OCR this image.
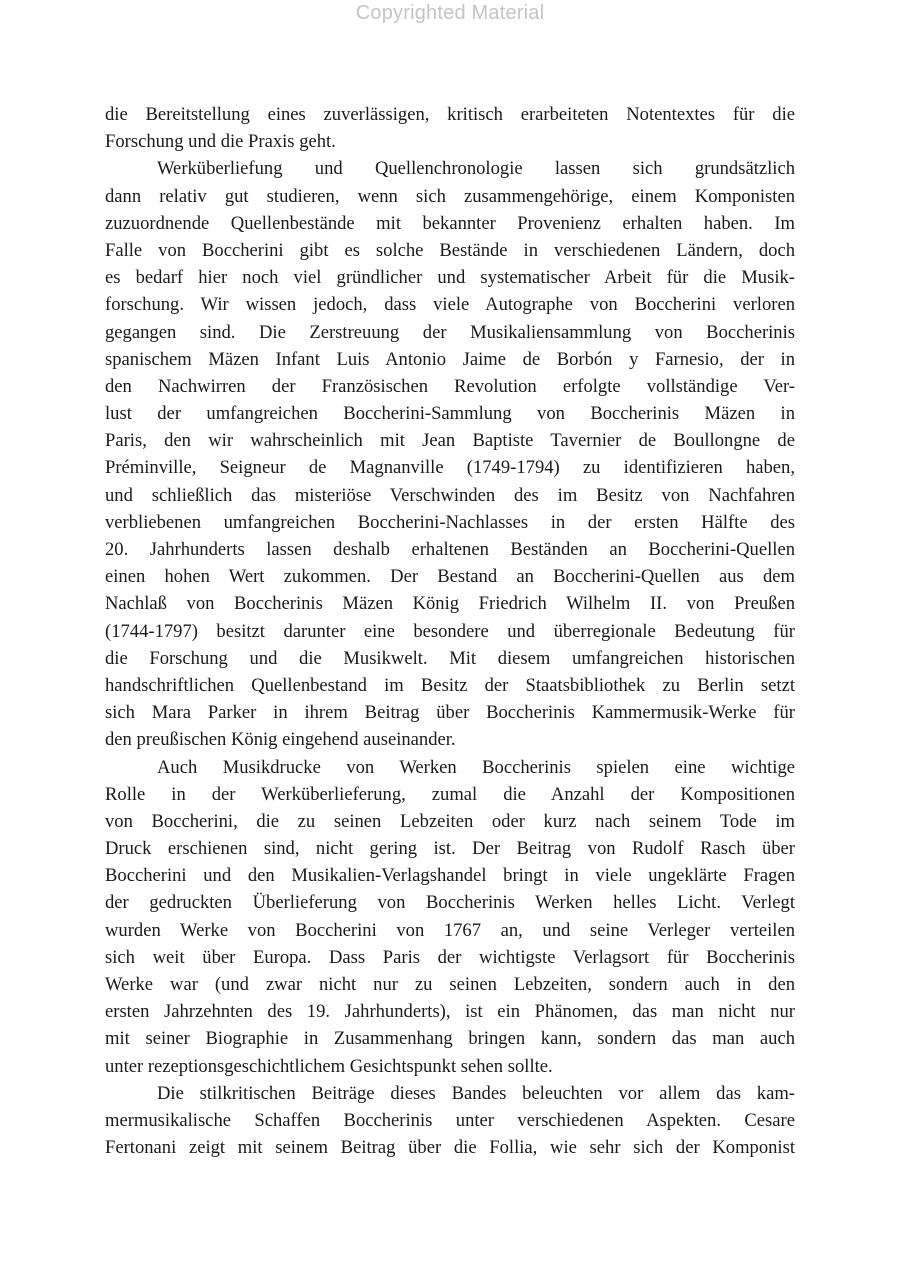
Copyrighted Material
die Bereitstellung eines zuverlässigen, kritisch erarbeiteten Notentextes für die
Forschung und die Praxis geht.
Werküberliefung und Quellenchronologie lassen sich grundsätzlich
dann relativ gut studieren, wenn sich zusammengehörige, einem Komponisten
zuzuordnende Quellenbestände mit bekannter Provenienz erhalten haben. Im
Falle von Boccherini gibt es solche Bestände in verschiedenen Ländern, doch
es bedarf hier noch viel gründlicher und systematischer Arbeit für die Musik-
forschung. Wir wissen jedoch, dass viele Autographe von Boccherini verloren
gegangen sind. Die Zerstreuung der Musikaliensammlung von Boccherinis
spanischem Mäzen Infant Luis Antonio Jaime de Borbón y Farnesio, der in
den Nachwirren der Französischen Revolution erfolgte vollständige Ver-
lust der umfangreichen Boccherini-Sammlung von Boccherinis Mäzen in
Paris, den wir wahrscheinlich mit Jean Baptiste Tavernier de Boullongne de
Préminville, Seigneur de Magnanville (1749-1794) zu identifizieren haben,
und schließlich das misteriöse Verschwinden des im Besitz von Nachfahren
verbliebenen umfangreichen Boccherini-Nachlasses in der ersten Hälfte des
20. Jahrhunderts lassen deshalb erhaltenen Beständen an Boccherini-Quellen
einen hohen Wert zukommen. Der Bestand an Boccherini-Quellen aus dem
Nachlaß von Boccherinis Mäzen König Friedrich Wilhelm II. von Preußen
(1744-1797) besitzt darunter eine besondere und überregionale Bedeutung für
die Forschung und die Musikwelt. Mit diesem umfangreichen historischen
handschriftlichen Quellenbestand im Besitz der Staatsbibliothek zu Berlin setzt
sich Mara Parker in ihrem Beitrag über Boccherinis Kammermusik-Werke für
den preußischen König eingehend auseinander.
Auch Musikdrucke von Werken Boccherinis spielen eine wichtige
Rolle in der Werküberlieferung, zumal die Anzahl der Kompositionen
von Boccherini, die zu seinen Lebzeiten oder kurz nach seinem Tode im
Druck erschienen sind, nicht gering ist. Der Beitrag von Rudolf Rasch über
Boccherini und den Musikalien-Verlagshandel bringt in viele ungeklärte Fragen
der gedruckten Überlieferung von Boccherinis Werken helles Licht. Verlegt
wurden Werke von Boccherini von 1767 an, und seine Verleger verteilen
sich weit über Europa. Dass Paris der wichtigste Verlagsort für Boccherinis
Werke war (und zwar nicht nur zu seinen Lebzeiten, sondern auch in den
ersten Jahrzehnten des 19. Jahrhunderts), ist ein Phänomen, das man nicht nur
mit seiner Biographie in Zusammenhang bringen kann, sondern das man auch
unter rezeptionsgeschichtlichem Gesichtspunkt sehen sollte.
Die stilkritischen Beiträge dieses Bandes beleuchten vor allem das kam-
mermusikalische Schaffen Boccherinis unter verschiedenen Aspekten. Cesare
Fertonani zeigt mit seinem Beitrag über die Follia, wie sehr sich der Komponist
